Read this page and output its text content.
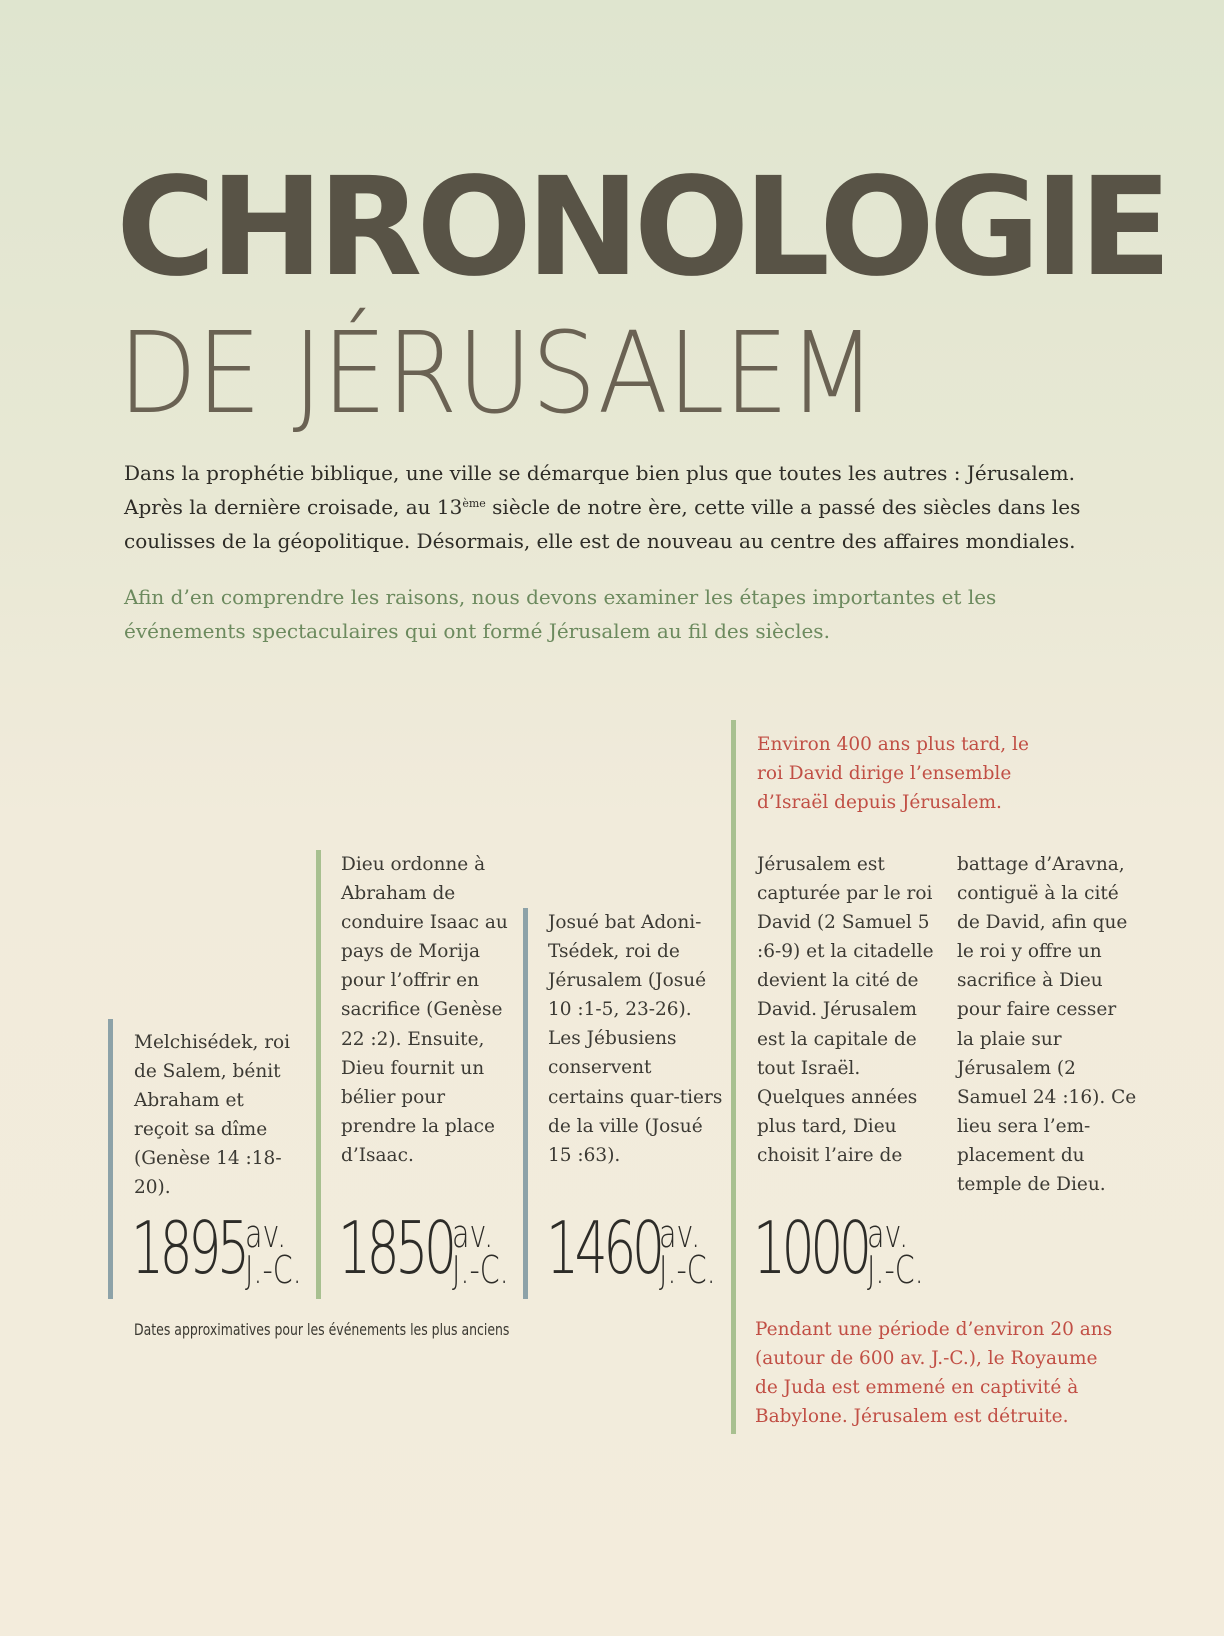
CHRONOLOGIE
DE JÉRUSALEM

Dans la prophétie biblique, une ville se démarque bien plus que toutes les autres : Jérusalem.
Après la dernière croisade, au 13ème siècle de notre ère, cette ville a passé des siècles dans les
coulisses de la géopolitique. Désormais, elle est de nouveau au centre des affaires mondiales.

Afin d’en comprendre les raisons, nous devons examiner les étapes importantes et les événements spectaculaires qui ont formé Jérusalem au fil des siècles.

Melchisédek, roi de Salem, bénit Abraham et reçoit sa dîme (Genèse 14 :18-20).

1895 av.
J.-C.

Dieu ordonne à Abraham de conduire Isaac au pays de Morija pour l’offrir en sacrifice (Genèse 22 :2). Ensuite, Dieu fournit un bélier pour prendre la place d’Isaac.

1850 av.
J.-C.

Josué bat Adoni-Tsédek, roi de Jérusalem (Josué 10 :1-5, 23-26). Les Jébusiens conservent certains quar-tiers de la ville (Josué 15 :63).

1460
av.
J.-C.

Environ 400 ans plus tard, le roi David dirige l’ensemble d’Israël depuis Jérusalem.

Jérusalem est capturée par le roi David (2 Samuel 5 :6-9) et la citadelle devient la cité de David. Jérusalem est la capitale de tout Israël. Quelques années plus tard, Dieu choisit l’aire de

battage d’Aravna, contiguë à la cité de David, afin que le roi y offre un sacrifice à Dieu pour faire cesser la plaie sur Jérusalem (2 Samuel 24 :16). Ce lieu sera l’em-placement du temple de Dieu.

1000 av.
J.-C.

Pendant une période d’environ 20 ans (autour de 600 av. J.-C.), le Royaume de Juda est emmené en captivité à Babylone. Jérusalem est détruite.

Dates approximatives pour les événements les plus anciens
